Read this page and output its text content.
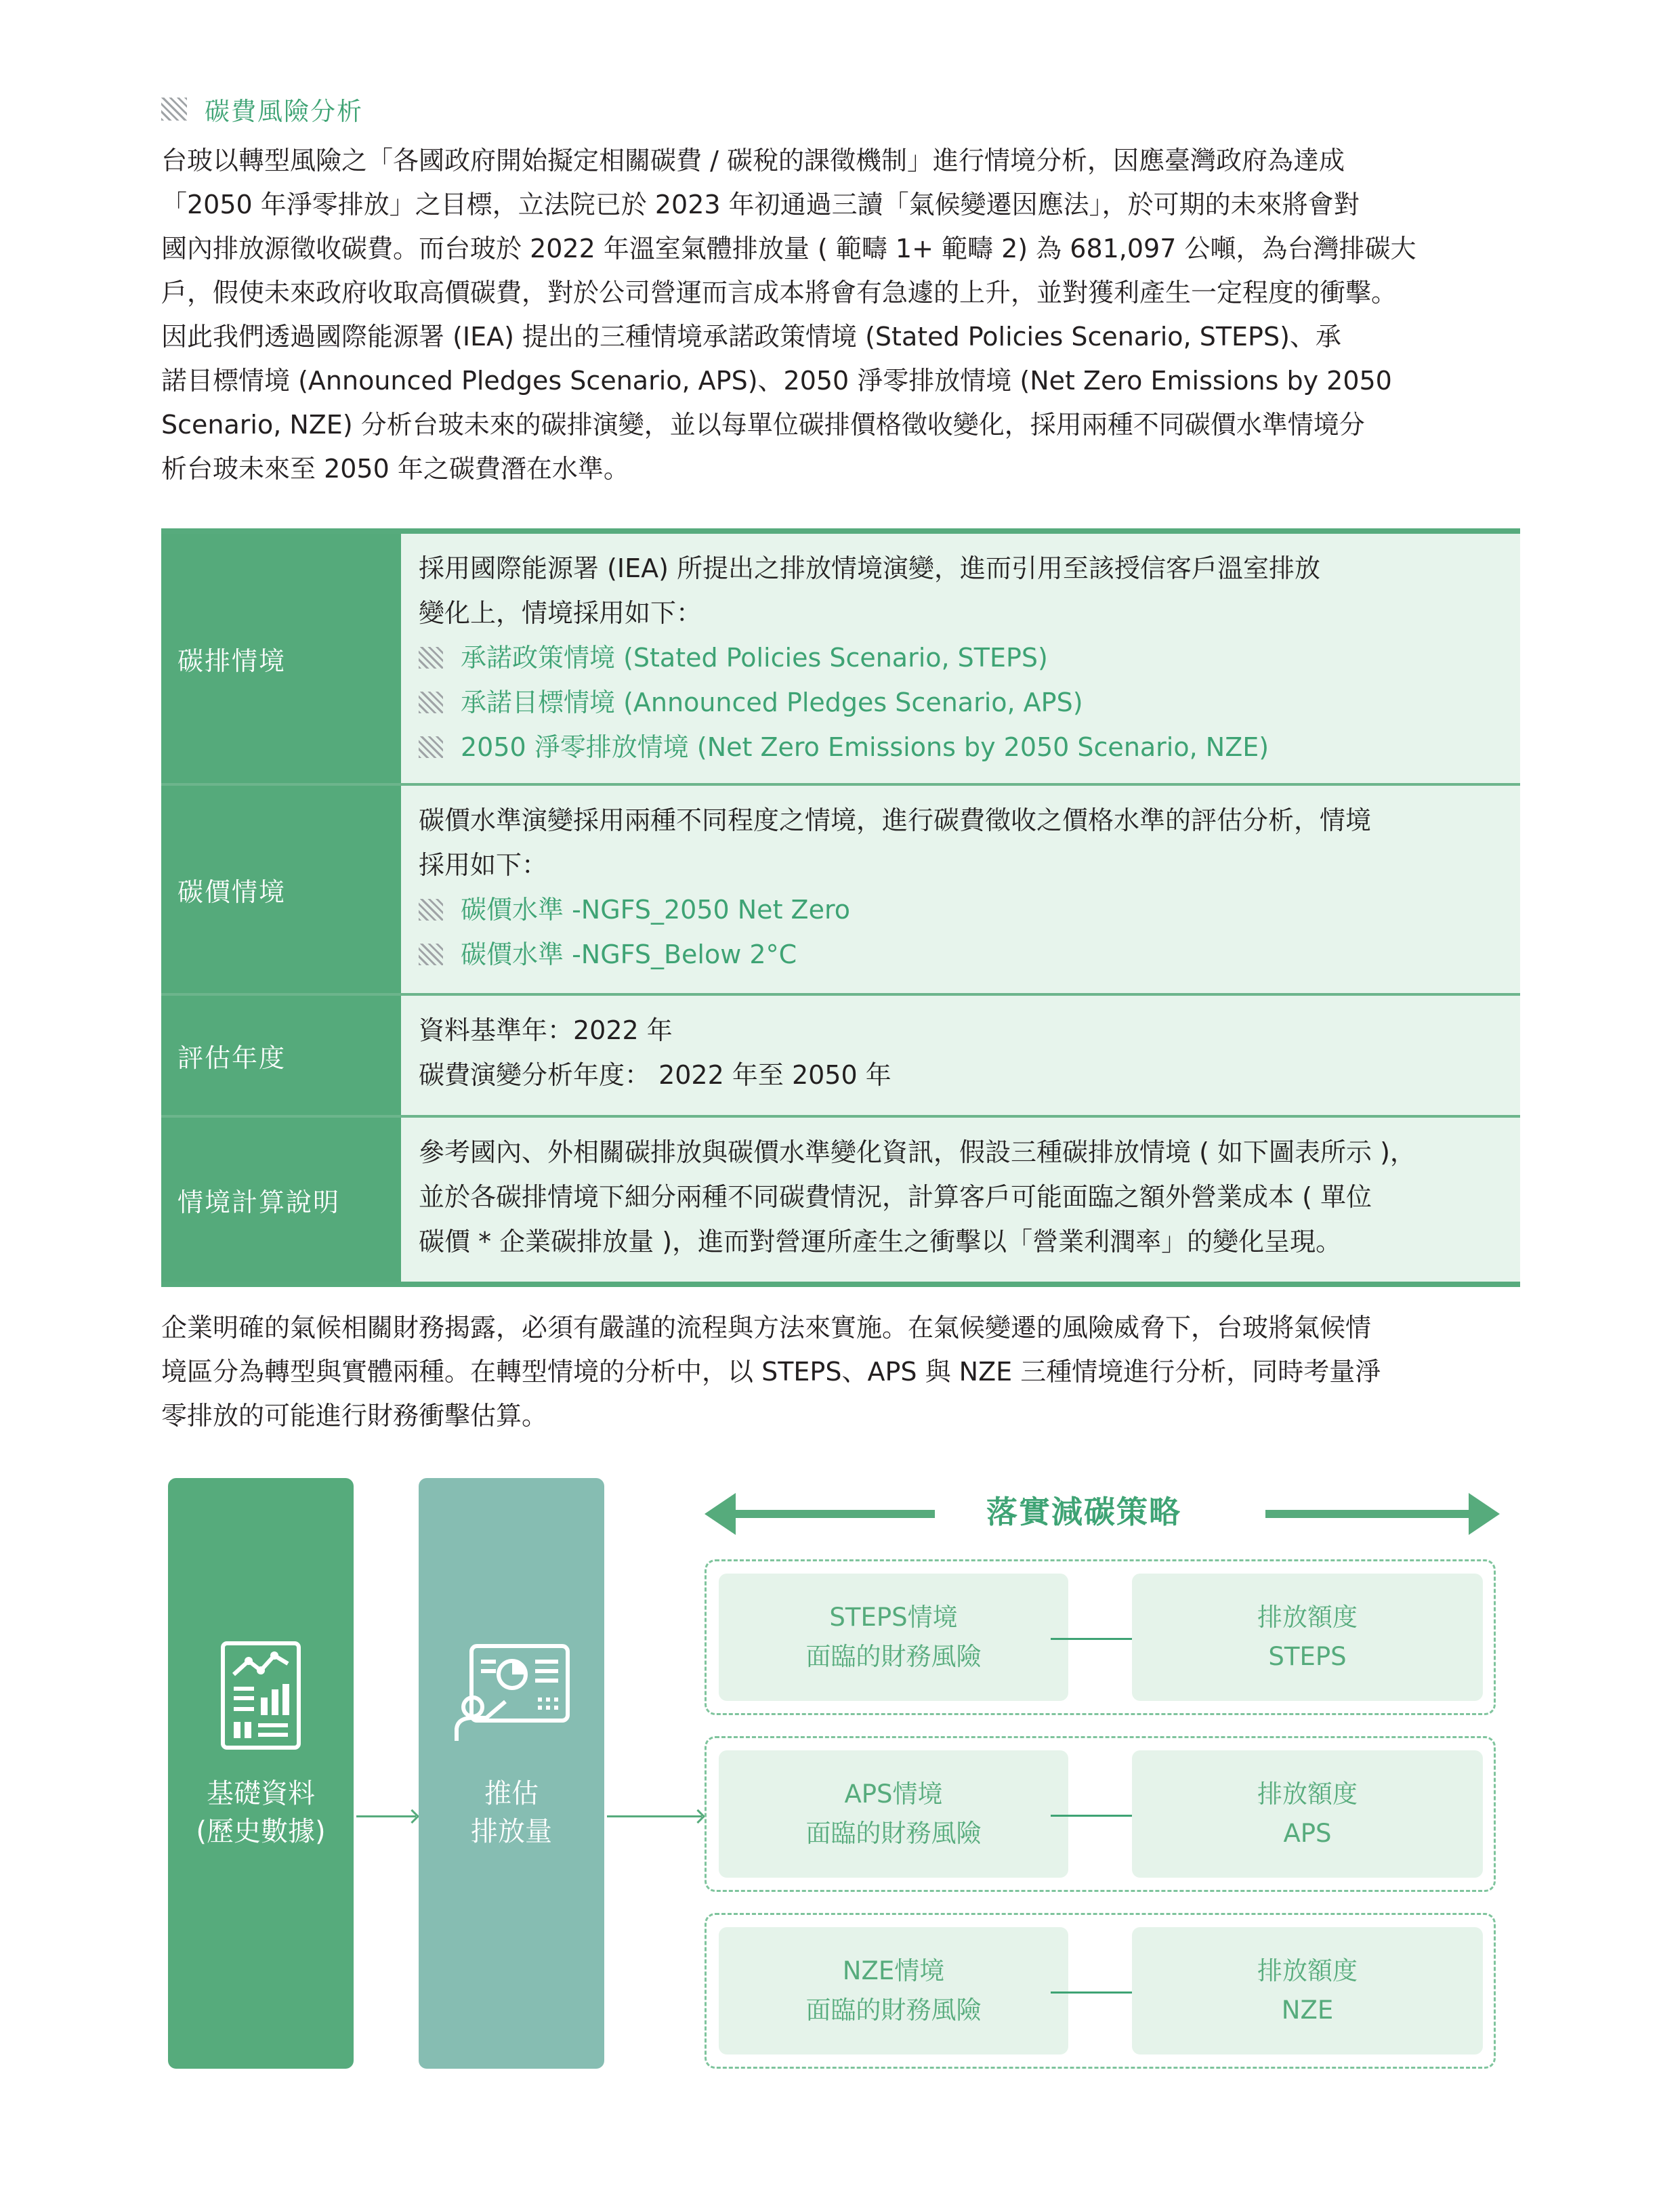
碳費風險分析
台玻以轉型風險之「各國政府開始擬定相關碳費 / 碳稅的課徵機制」進行情境分析，因應臺灣政府為達成
「2050 年淨零排放」之目標，立法院已於 2023 年初通過三讀「氣候變遷因應法」，於可期的未來將會對
國內排放源徵收碳費。而台玻於 2022 年溫室氣體排放量 ( 範疇 1+ 範疇 2) 為 681,097 公噸，為台灣排碳大
戶，假使未來政府收取高價碳費，對於公司營運而言成本將會有急遽的上升，並對獲利產生一定程度的衝擊。
因此我們透過國際能源署 (IEA) 提出的三種情境承諾政策情境 (Stated Policies Scenario, STEPS)、承
諾目標情境 (Announced Pledges Scenario, APS)、2050 淨零排放情境 (Net Zero Emissions by 2050
Scenario, NZE) 分析台玻未來的碳排演變，並以每單位碳排價格徵收變化，採用兩種不同碳價水準情境分
析台玻未來至 2050 年之碳費潛在水準。
碳排情境
採用國際能源署 (IEA) 所提出之排放情境演變，進而引用至該授信客戶溫室排放
變化上，情境採用如下：
承諾政策情境 (Stated Policies Scenario, STEPS)
承諾目標情境 (Announced Pledges Scenario, APS)
2050 淨零排放情境 (Net Zero Emissions by 2050 Scenario, NZE)
碳價情境
碳價水準演變採用兩種不同程度之情境，進行碳費徵收之價格水準的評估分析，情境
採用如下：
碳價水準 -NGFS_2050 Net Zero
碳價水準 -NGFS_Below 2°C
評估年度
資料基準年：2022 年
碳費演變分析年度： 2022 年至 2050 年
情境計算說明
參考國內、外相關碳排放與碳價水準變化資訊，假設三種碳排放情境 ( 如下圖表所示 )，
並於各碳排情境下細分兩種不同碳費情況，計算客戶可能面臨之額外營業成本 ( 單位
碳價 * 企業碳排放量 )，進而對營運所產生之衝擊以「營業利潤率」的變化呈現。
企業明確的氣候相關財務揭露，必須有嚴謹的流程與方法來實施。在氣候變遷的風險威脅下，台玻將氣候情
境區分為轉型與實體兩種。在轉型情境的分析中，以 STEPS、APS 與 NZE 三種情境進行分析，同時考量淨
零排放的可能進行財務衝擊估算。
基礎資料
(歷史數據)
推估
排放量
落實減碳策略
STEPS情境
面臨的財務風險
排放額度
STEPS
APS情境
面臨的財務風險
排放額度
APS
NZE情境
面臨的財務風險
排放額度
NZE
